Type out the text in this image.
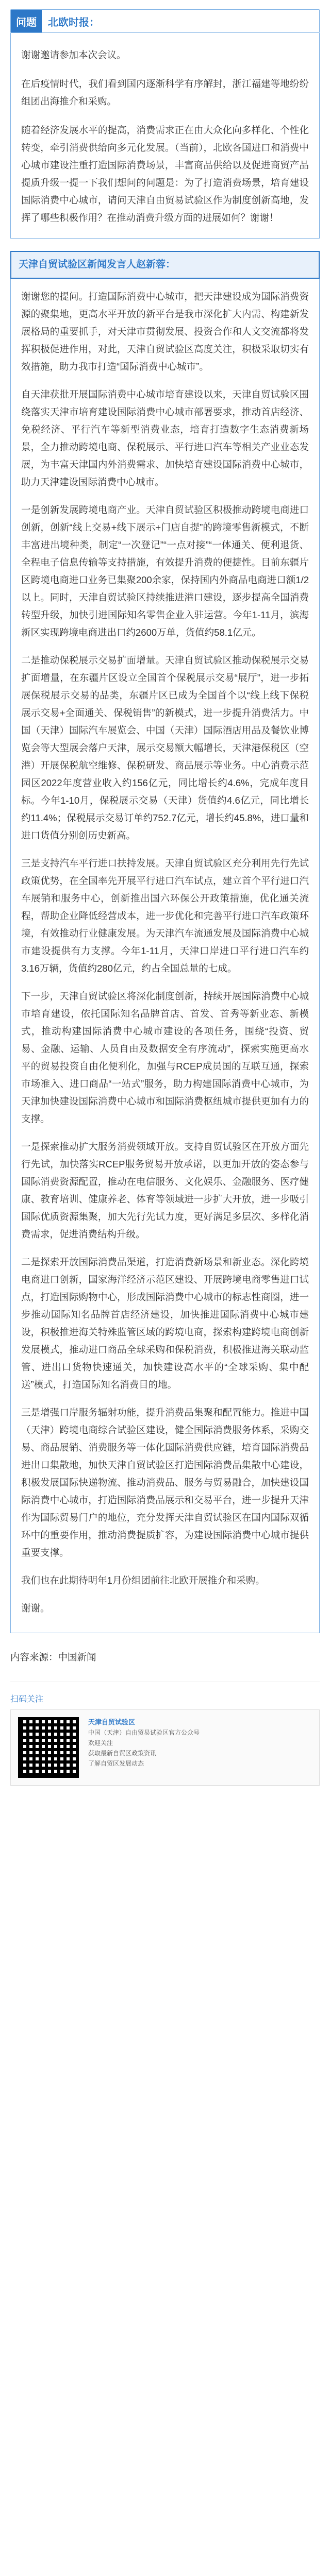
问题	北欧时报：

谢谢邀请参加本次会议。

在后疫情时代，我们看到国内逐渐科学有序解封，浙江福建等地纷纷组团出海推介和采购。

随着经济发展水平的提高，消费需求正在由大众化向多样化、个性化转变，牵引消费供给向多元化发展。（当前），北欧各国进口和消费中心城市建设注重打造国际消费场景，丰富商品供给以及促进商贸产品提质升级一提一下我们想问的问题是：为了打造消费场景，培育建设国际消费中心城市，请问天津自由贸易试验区作为制度创新高地，发挥了哪些积极作用？在推动消费升级方面的进展如何？谢谢！

天津自贸试验区新闻发言人赵新蓉：

谢谢您的提问。打造国际消费中心城市，把天津建设成为国际消费资源的聚集地，更高水平开放的新平台是我市深化扩大内需、构建新发展格局的重要抓手，对天津市贯彻发展、投资合作和人文交流都将发挥积极促进作用，对此，天津自贸试验区高度关注，积极采取切实有效措施，助力我市打造“国际消费中心城市”。

自天津获批开展国际消费中心城市培育建设以来，天津自贸试验区围绕落实天津市培育建设国际消费中心城市部署要求，推动首店经济、免税经济、平行汽车等新型消费业态，培育打造数字生态消费新场景，全力推动跨境电商、保税展示、平行进口汽车等相关产业业态发展，为丰富天津国内外消费需求、加快培育建设国际消费中心城市，助力天津建设国际消费中心城市。

一是创新发展跨境电商产业。天津自贸试验区积极推动跨境电商进口创新，创新“线上交易+线下展示+门店自提”的跨境零售新模式，不断丰富进出境种类，制定“一次登记”“一点对接”“一体通关、便利退货、全程电子信息传输等支持措施，有效提升消费的便捷性。目前东疆片区跨境电商进口业务已集聚200余家，保持国内外商品电商进口额1/2以上。同时，天津自贸试验区持续推进港口建设，逐步提高全国消费转型升级，加快引进国际知名零售企业入驻运营。今年1-11月，滨海新区实现跨境电商进出口约2600万单，货值约58.1亿元。

二是推动保税展示交易扩面增量。天津自贸试验区推动保税展示交易扩面增量，在东疆片区设立全国首个保税展示交易“展厅”，进一步拓展保税展示交易的品类，东疆片区已成为全国首个以“线上线下保税展示交易+全面通关、保税销售”的新模式，进一步提升消费活力。中国（天津）国际汽车展览会、中国（天津）国际酒店用品及餐饮业博览会等大型展会落户天津，展示交易额大幅增长，天津港保税区（空港）开展保税航空维修、保税研发、商品展示等业务。中心消费示范园区2022年度营业收入约156亿元，同比增长约4.6%，完成年度目标。今年1-10月，保税展示交易（天津）货值约4.6亿元，同比增长约11.4%；保税展示交易订单约752.7亿元，增长约45.8%，进口量和进口货值分别创历史新高。

三是支持汽车平行进口扶持发展。天津自贸试验区充分利用先行先试政策优势，在全国率先开展平行进口汽车试点，建立首个平行进口汽车展销和服务中心，创新推出国六环保公开政策措施，优化通关流程，帮助企业降低经营成本，进一步优化和完善平行进口汽车政策环境，有效推动行业健康发展。为天津汽车流通发展及国际消费中心城市建设提供有力支撑。今年1-11月，天津口岸进口平行进口汽车约3.16万辆，货值约280亿元，约占全国总量的七成。

下一步，天津自贸试验区将深化制度创新，持续开展国际消费中心城市培育建设，依托国际知名品牌首店、首发、首秀等新业态、新模式，推动构建国际消费中心城市建设的各项任务，围绕“投资、贸易、金融、运输、人员自由及数据安全有序流动”，探索实施更高水平的贸易投资自由化便利化，加强与RCEP成员国的互联互通，探索市场准入、进口商品“一站式”服务，助力构建国际消费中心城市，为天津加快建设国际消费中心城市和国际消费枢纽城市提供更加有力的支撑。

一是探索推动扩大服务消费领域开放。支持自贸试验区在开放方面先行先试，加快落实RCEP服务贸易开放承诺，以更加开放的姿态参与国际消费资源配置，推动在电信服务、文化娱乐、金融服务、医疗健康、教育培训、健康养老、体育等领域进一步扩大开放，进一步吸引国际优质资源集聚，加大先行先试力度，更好满足多层次、多样化消费需求，促进消费结构升级。

二是探索开放国际消费品渠道，打造消费新场景和新业态。深化跨境电商进口创新，国家海洋经济示范区建设、开展跨境电商零售进口试点，打造国际购物中心，形成国际消费中心城市的标志性商圈，进一步推动国际知名品牌首店经济建设，加快推进国际消费中心城市建设，积极推进海关特殊监管区域的跨境电商，探索构建跨境电商创新发展模式，推动进口商品全球采购和保税消费，积极推进海关联动监管、进出口货物快速通关，加快建设高水平的“全球采购、集中配送”模式，打造国际知名消费目的地。

三是增强口岸服务辐射功能，提升消费品集聚和配置能力。推进中国（天津）跨境电商综合试验区建设，健全国际消费服务体系，采购交易、商品展销、消费服务等一体化国际消费供应链，培育国际消费品进出口集散地，加快天津自贸试验区打造国际消费品集散中心建设，积极发展国际快递物流、推动消费品、服务与贸易融合，加快建设国际消费中心城市，打造国际消费品展示和交易平台，进一步提升天津作为国际贸易门户的地位，充分发挥天津自贸试验区在国内国际双循环中的重要作用，推动消费提质扩容，为建设国际消费中心城市提供重要支撑。

我们也在此期待明年1月份组团前往北欧开展推介和采购。

谢谢。

内容来源：中国新闻
扫码关注
天津自贸试验区
中国（天津）自由贸易试验区官方公众号
欢迎关注
获取最新自贸区政策资讯
了解自贸区发展动态
